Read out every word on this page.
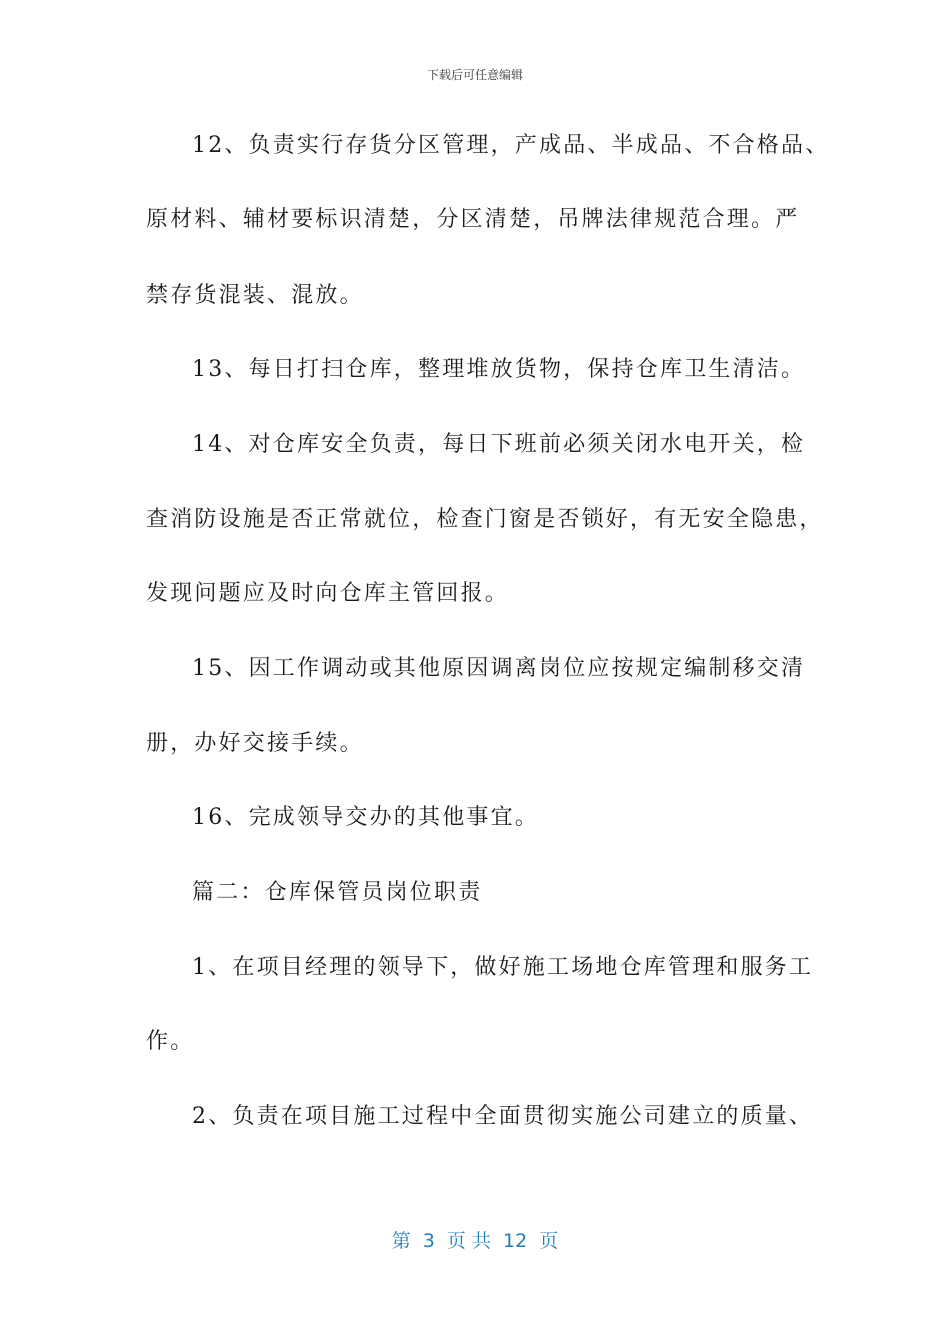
下载后可任意编辑
12、负责实行存货分区管理，产成品、半成品、不合格品、
原材料、辅材要标识清楚，分区清楚，吊牌法律规范合理。严
禁存货混装、混放。
13、每日打扫仓库，整理堆放货物，保持仓库卫生清洁。
14、对仓库安全负责，每日下班前必须关闭水电开关，检
查消防设施是否正常就位，检查门窗是否锁好，有无安全隐患，
发现问题应及时向仓库主管回报。
15、因工作调动或其他原因调离岗位应按规定编制移交清
册，办好交接手续。
16、完成领导交办的其他事宜。
篇二：仓库保管员岗位职责
1、在项目经理的领导下，做好施工场地仓库管理和服务工
作。
2、负责在项目施工过程中全面贯彻实施公司建立的质量、
第  3  页 共  12  页
